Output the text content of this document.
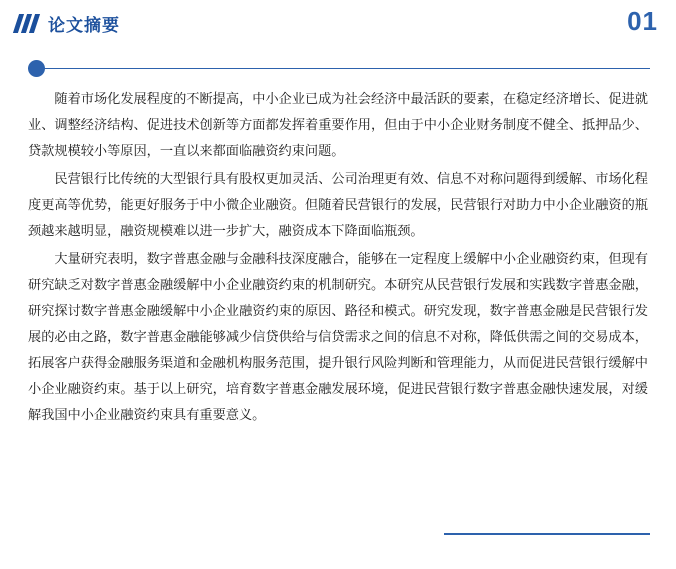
论文摘要	01

随着市场化发展程度的不断提高，中小企业已成为社会经济中最活跃的要素，在稳定经济增长、促进就业、调整经济结构、促进技术创新等方面都发挥着重要作用，但由于中小企业财务制度不健全、抵押品少、贷款规模较小等原因，一直以来都面临融资约束问题。

民营银行比传统的大型银行具有股权更加灵活、公司治理更有效、信息不对称问题得到缓解、市场化程度更高等优势，能更好服务于中小微企业融资。但随着民营银行的发展，民营银行对助力中小企业融资的瓶颈越来越明显，融资规模难以进一步扩大，融资成本下降面临瓶颈。

大量研究表明，数字普惠金融与金融科技深度融合，能够在一定程度上缓解中小企业融资约束，但现有研究缺乏对数字普惠金融缓解中小企业融资约束的机制研究。本研究从民营银行发展和实践数字普惠金融，研究探讨数字普惠金融缓解中小企业融资约束的原因、路径和模式。研究发现，数字普惠金融是民营银行发展的必由之路，数字普惠金融能够减少信贷供给与信贷需求之间的信息不对称，降低供需之间的交易成本，拓展客户获得金融服务渠道和金融机构服务范围，提升银行风险判断和管理能力，从而促进民营银行缓解中小企业融资约束。基于以上研究，培育数字普惠金融发展环境，促进民营银行数字普惠金融快速发展，对缓解我国中小企业融资约束具有重要意义。
